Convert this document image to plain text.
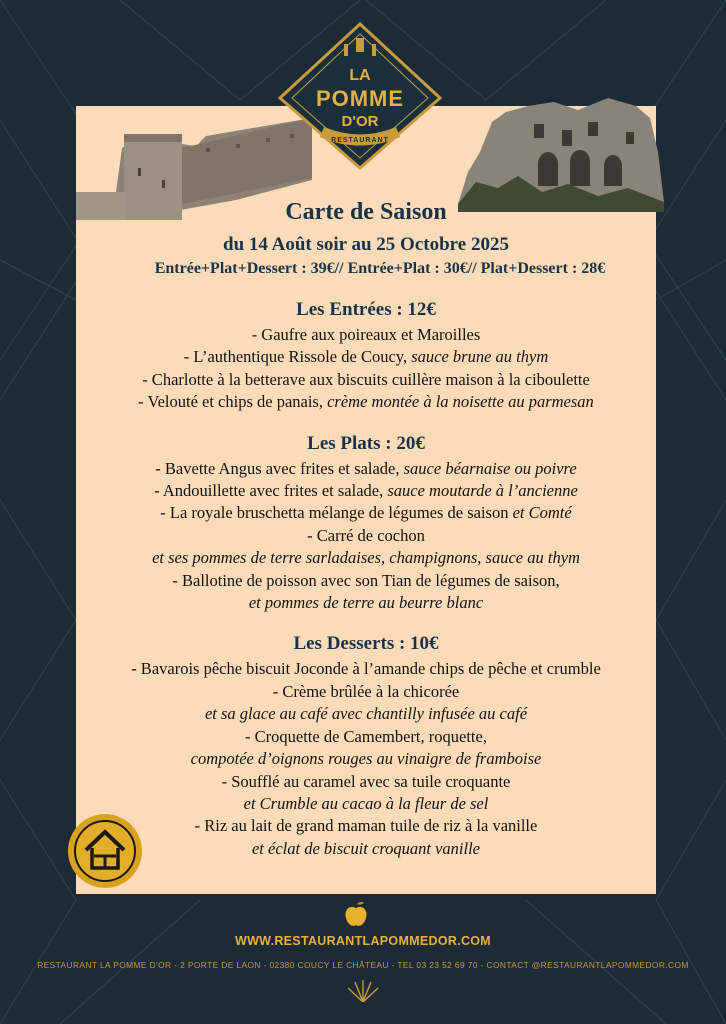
LA
POMME
D'OR
RESTAURANT
Carte de Saison
du 14 Août soir au 25 Octobre 2025
Entrée+Plat+Dessert : 39€// Entrée+Plat : 30€// Plat+Dessert : 28€
Les Entrées : 12€
- Gaufre aux poireaux et Maroilles
- L’authentique Rissole de Coucy, sauce brune au thym
- Charlotte à la betterave aux biscuits cuillère maison à la ciboulette
- Velouté et chips de panais, crème montée à la noisette au parmesan
Les Plats : 20€
- Bavette Angus avec frites et salade, sauce béarnaise ou poivre
- Andouillette avec frites et salade, sauce moutarde à l’ancienne
- La royale bruschetta mélange de légumes de saison et Comté
- Carré de cochon
et ses pommes de terre sarladaises, champignons, sauce au thym
- Ballotine de poisson avec son Tian de légumes de saison,
et pommes de terre au beurre blanc
Les Desserts : 10€
- Bavarois pêche biscuit Joconde à l’amande chips de pêche et crumble
- Crème brûlée à la chicorée
et sa glace au café avec chantilly infusée au café
- Croquette de Camembert, roquette,
compotée d’oignons rouges au vinaigre de framboise
- Soufflé au caramel avec sa tuile croquante
et Crumble au cacao à la fleur de sel
- Riz au lait de grand maman tuile de riz à la vanille
et éclat de biscuit croquant vanille
WWW.RESTAURANTLAPOMMEDOR.COM
RESTAURANT LA POMME D'OR - 2 PORTE DE LAON - 02380 COUCY LE CHÂTEAU - TEL 03 23 52 69 70 - CONTACT @RESTAURANTLAPOMMEDOR.COM
